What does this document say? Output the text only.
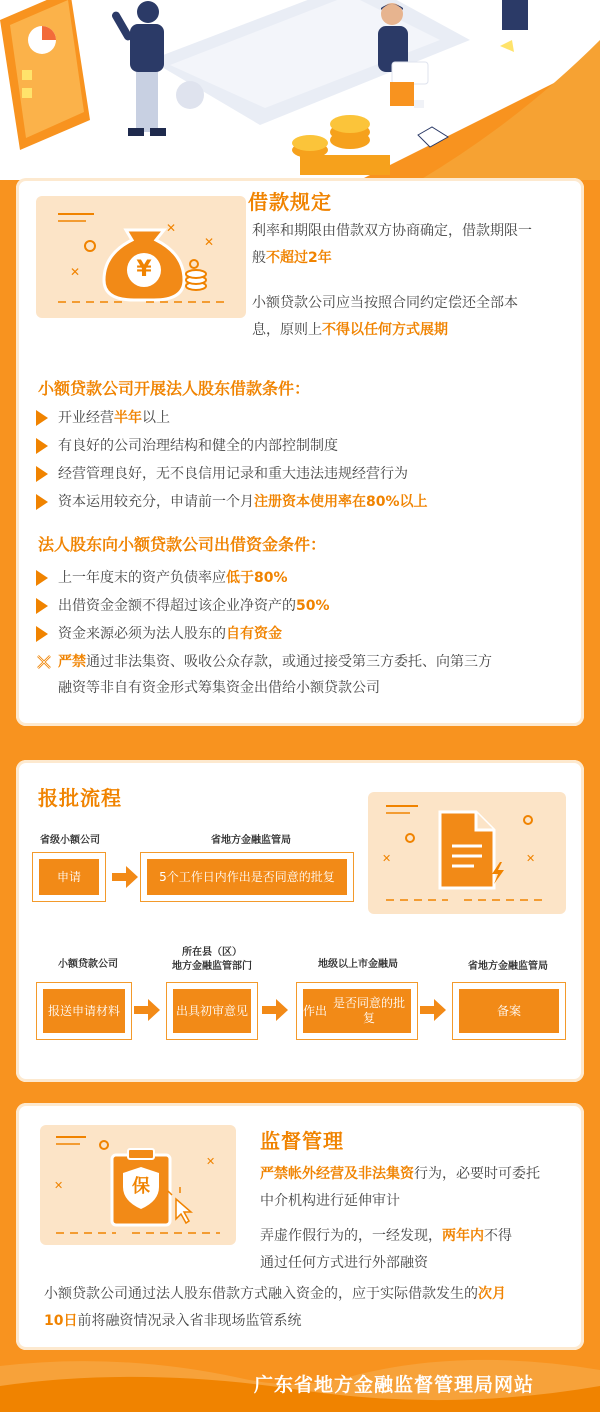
✕
✕
✕	¥
借款规定
利率和期限由借款双方协商确定，借款期限一
般不超过2年
小额贷款公司应当按照合同约定偿还全部本
息，原则上不得以任何方式展期
小额贷款公司开展法人股东借款条件：
开业经营 半年 以上
有良好的公司治理结构和健全的内部控制制度
经营管理良好，无不良信用记录和重大违法违规经营行为
资本运用较充分，申请前一个月 注册资本使用率在80%以上
法人股东向小额贷款公司出借资金条件：
上一年度末的资产负债率应 低于80%
出借资金金额不得超过该企业净资产的 50%
资金来源必须为法人股东的 自有资金
严禁 通过非法集资、吸收公众存款，或通过接受第三方委托、向第三方
融资等非自有资金形式筹集资金出借给小额贷款公司
报批流程
省级小额公司
申请
省地方金融监管局
5个工作日内作出是否同意的批复
✕	✕
小额贷款公司
报送 申请材料
所在县（区）
地方金融监管部门
出具 初审意见
地级以上市金融局
作出

是否同意的批复
省地方金融监管局
备案
✕
✕	保
监督管理
严禁帐外经营及非法集资行为，必要时可委托
中介机构进行延伸审计
弄虚作假行为的，一经发现，两年内不得
通过任何方式进行外部融资
小额贷款公司通过法人股东借款方式融入资金的，应于实际借款发生的次月
10日前将融资情况录入省非现场监管系统
广东省地方金融监督管理局网站
